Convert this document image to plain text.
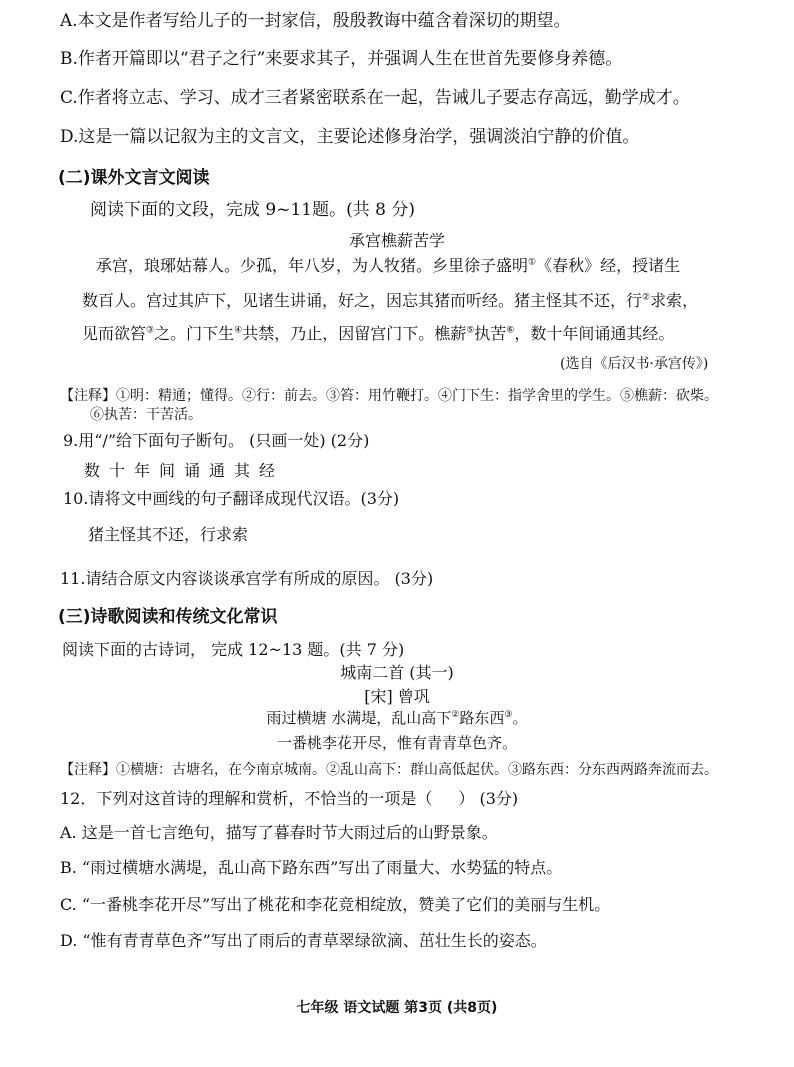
A.本文是作者写给儿子的一封家信，殷殷教诲中蕴含着深切的期望。
B.作者开篇即以“君子之行”来要求其子，并强调人生在世首先要修身养德。
C.作者将立志、学习、成才三者紧密联系在一起，告诫儿子要志存高远，勤学成才。
D.这是一篇以记叙为主的文言文，主要论述修身治学，强调淡泊宁静的价值。
(二)课外文言文阅读
阅读下面的文段，完成 9~11题。(共 8 分)
承宫樵薪苦学
承宫，琅琊姑幕人。少孤，年八岁，为人牧猪。乡里徐子盛明①《春秋》经，授诸生
数百人。宫过其庐下，见诸生讲诵，好之，因忘其猪而听经。猪主怪其不还，行②求索，
见而欲笞③之。门下生④共禁，乃止，因留宫门下。樵薪⑤执苦⑥，数十年间诵通其经。
(选自《后汉书·承宫传》)
【注释】①明：精通；懂得。②行：前去。③笞：用竹鞭打。④门下生：指学舍里的学生。⑤樵薪：砍柴。
⑥执苦：干苦活。
9.用“/”给下面句子断句。 (只画一处) (2分)
数十年间诵通其经
10.请将文中画线的句子翻译成现代汉语。(3分)
猪主怪其不还，行求索
11.请结合原文内容谈谈承宫学有所成的原因。 (3分)
(三)诗歌阅读和传统文化常识
阅读下面的古诗词， 完成 12~13 题。(共 7 分)
城南二首 (其一)
[宋] 曾巩
雨过横塘 水满堤，乱山高下②路东西③。
一番桃李花开尽，惟有青青草色齐。
【注释】①横塘：古塘名，在今南京城南。②乱山高下：群山高低起伏。③路东西：分东西两路奔流而去。
12．下列对这首诗的理解和赏析，不恰当的一项是（ ） (3分)
A. 这是一首七言绝句，描写了暮春时节大雨过后的山野景象。
B. “雨过横塘水满堤，乱山高下路东西”写出了雨量大、水势猛的特点。
C. “一番桃李花开尽”写出了桃花和李花竞相绽放，赞美了它们的美丽与生机。
D. “惟有青青草色齐”写出了雨后的青草翠绿欲滴、茁壮生长的姿态。
七年级 语文试题 第3页 (共8页)
